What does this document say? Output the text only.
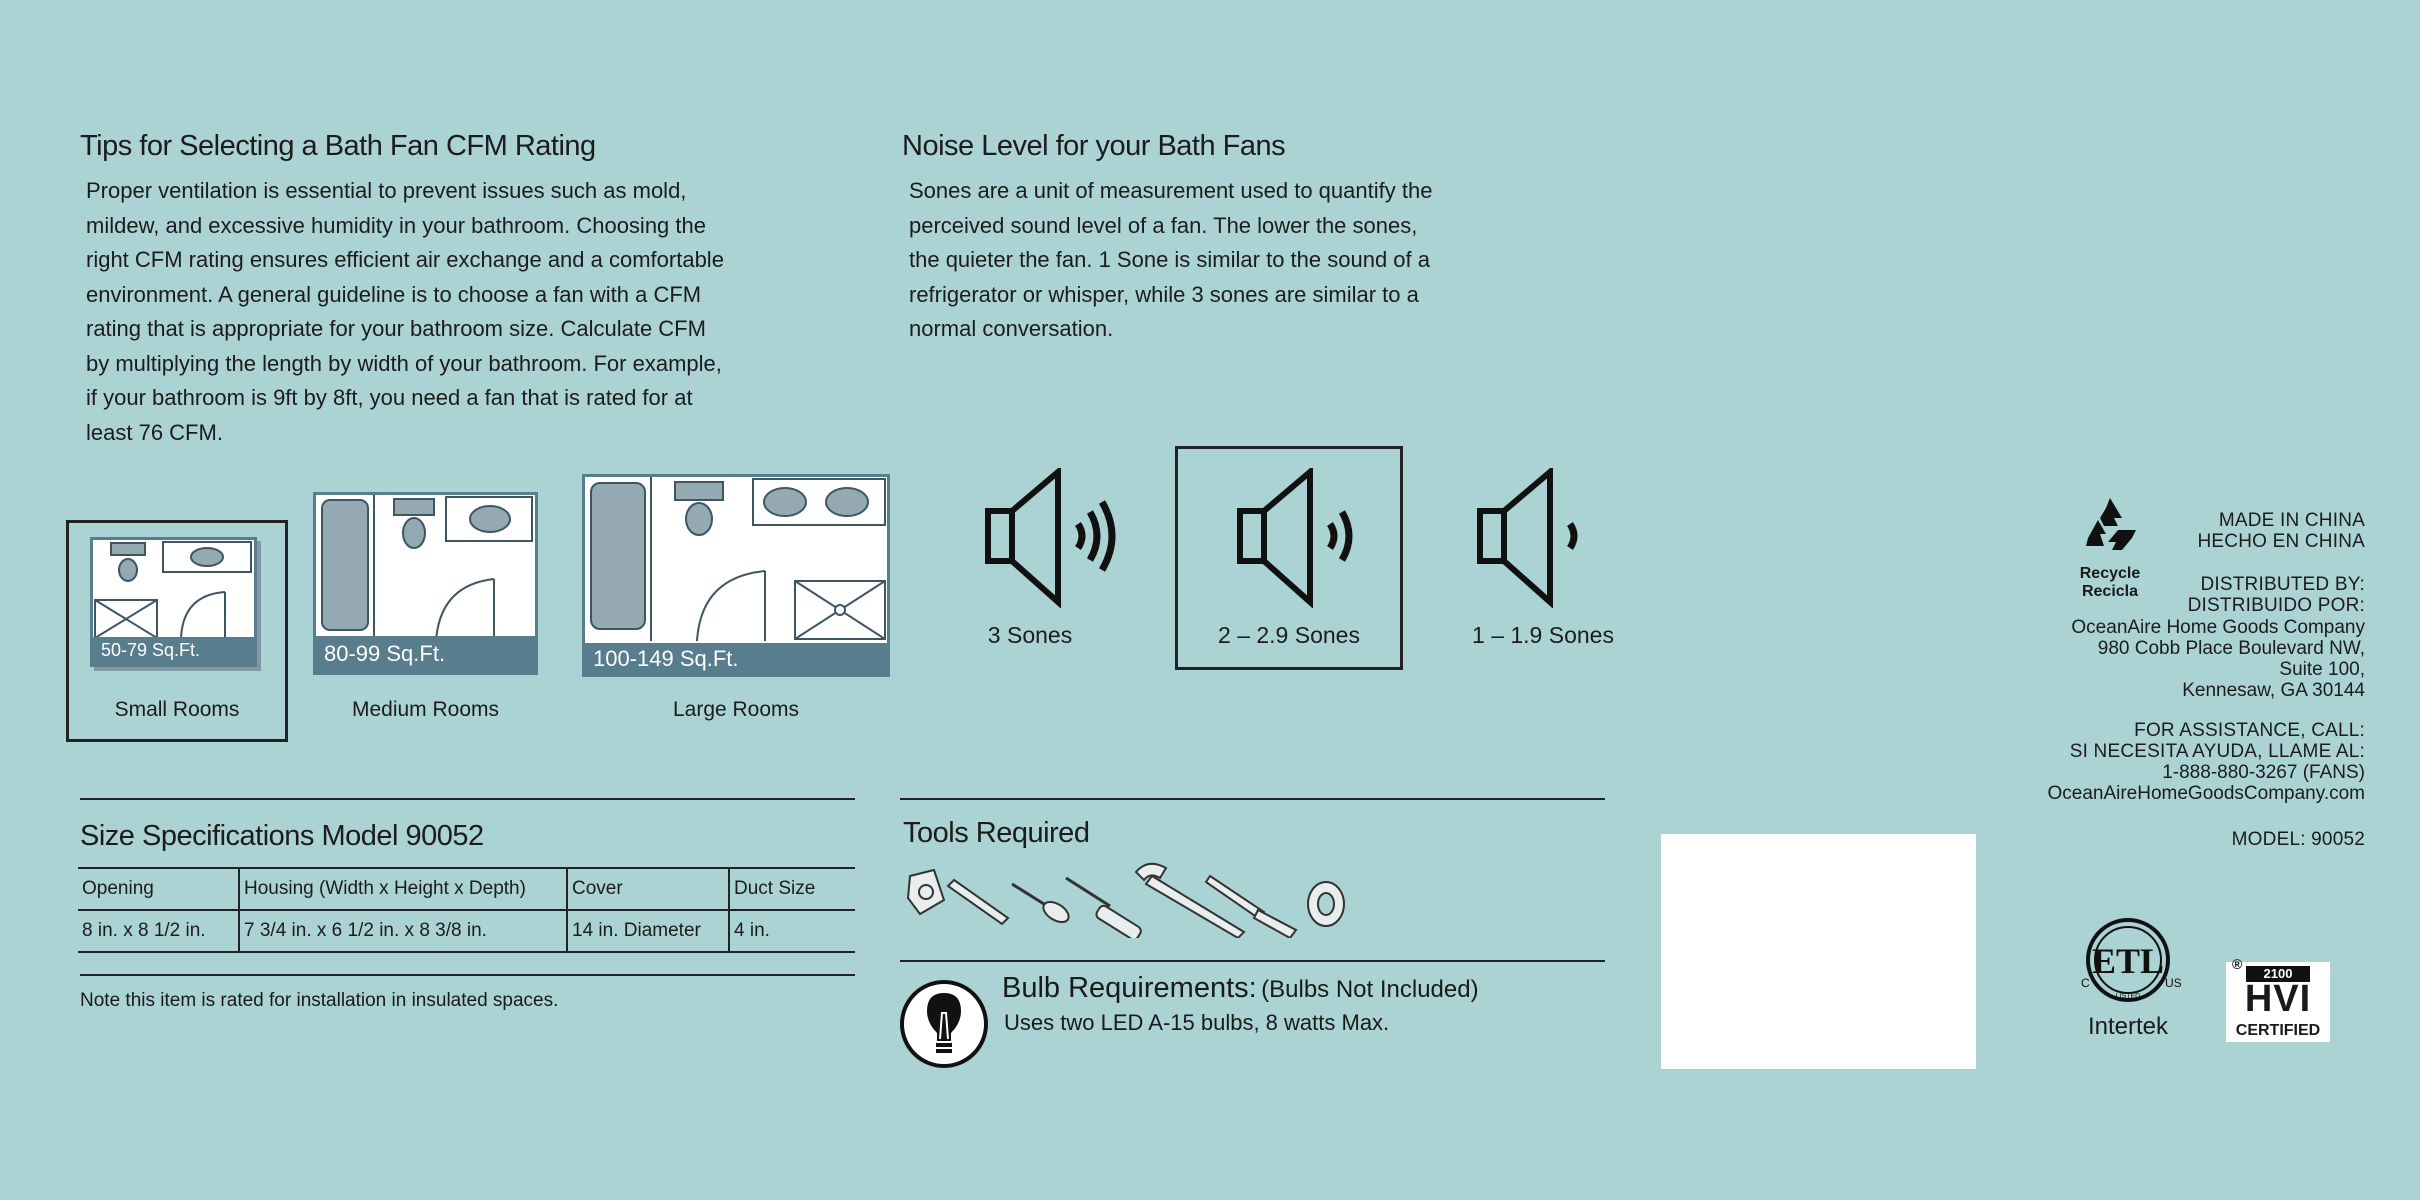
Tips for Selecting a Bath Fan CFM Rating
Proper ventilation is essential to prevent issues such as mold,
mildew, and excessive humidity in your bathroom. Choosing the
right CFM rating ensures efficient air exchange and a comfortable
environment. A general guideline is to choose a fan with a CFM
rating that is appropriate for your bathroom size. Calculate CFM
by multiplying the length by width of your bathroom. For example,
if your bathroom is 9ft by 8ft, you need a fan that is rated for at
least 76 CFM.
Noise Level for your Bath Fans
Sones are a unit of measurement used to quantify the
perceived sound level of a fan. The lower the sones,
the quieter the fan. 1 Sone is similar to the sound of a
refrigerator or whisper, while 3 sones are similar to a
normal conversation.
50-79 Sq.Ft.
Small Rooms
80-99 Sq.Ft.
Medium Rooms
100-149 Sq.Ft.
Large Rooms
3 Sones	2 – 2.9 Sones	1 – 1.9 Sones
Size Specifications Model 90052
Opening	Housing (Width x Height x Depth)	Cover	Duct Size
8 in. x 8 1/2 in.	7 3/4 in. x 6 1/2 in. x 8 3/8 in.	14 in. Diameter	4 in.
Note this item is rated for installation in insulated spaces.
Tools Required
Bulb Requirements: (Bulbs Not Included)
Uses two LED A-15 bulbs, 8 watts Max.
Recycle
Recicla
MADE IN CHINA
HECHO EN CHINA
DISTRIBUTED BY:
DISTRIBUIDO POR:
OceanAire Home Goods Company
980 Cobb Place Boulevard NW,
Suite 100,
Kennesaw, GA 30144
FOR ASSISTANCE, CALL:
SI NECESITA AYUDA, LLAME AL:
1-888-880-3267 (FANS)
OceanAireHomeGoodsCompany.com
MODEL: 90052
ETL
C	US
LISTED
Intertek
®
2100
HVI
CERTIFIED
